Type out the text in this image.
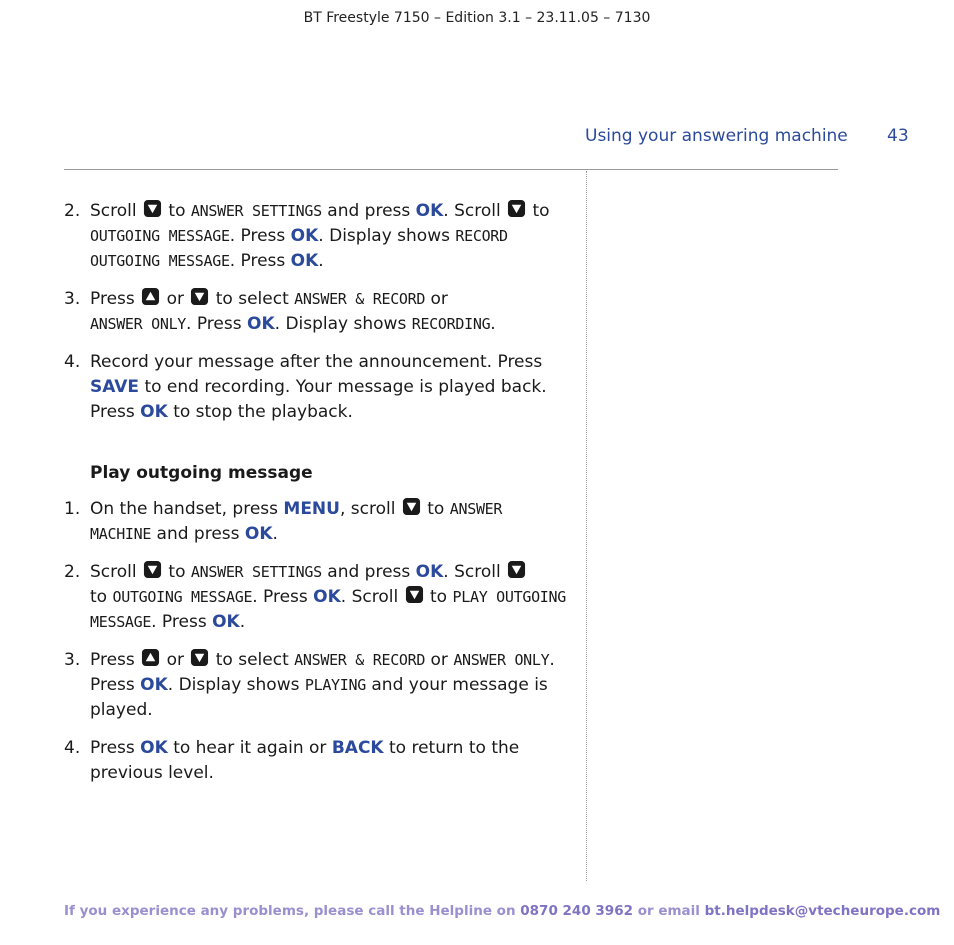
BT Freestyle 7150 – Edition 3.1 – 23.11.05 – 7130
Using your answering machine 43

2. Scroll to ANSWER SETTINGS and press OK. Scroll to OUTGOING MESSAGE. Press OK. Display shows RECORD OUTGOING MESSAGE. Press OK.

3. Press or to select ANSWER & RECORD or
ANSWER ONLY. Press OK. Display shows RECORDING.

4. Record your message after the announcement. Press SAVE to end recording. Your message is played back. Press OK to stop the playback.

Play outgoing message

1. On the handset, press MENU, scroll to ANSWER MACHINE and press OK.

2. Scroll to ANSWER SETTINGS and press OK. Scroll
to OUTGOING MESSAGE. Press OK. Scroll to PLAY OUTGOING MESSAGE. Press OK.

3. Press or to select ANSWER & RECORD or ANSWER ONLY. Press OK. Display shows PLAYING and your message is played.

4. Press OK to hear it again or BACK to return to the previous level.

If you experience any problems, please call the Helpline on 0870 240 3962 or email bt.helpdesk@vtecheurope.com
